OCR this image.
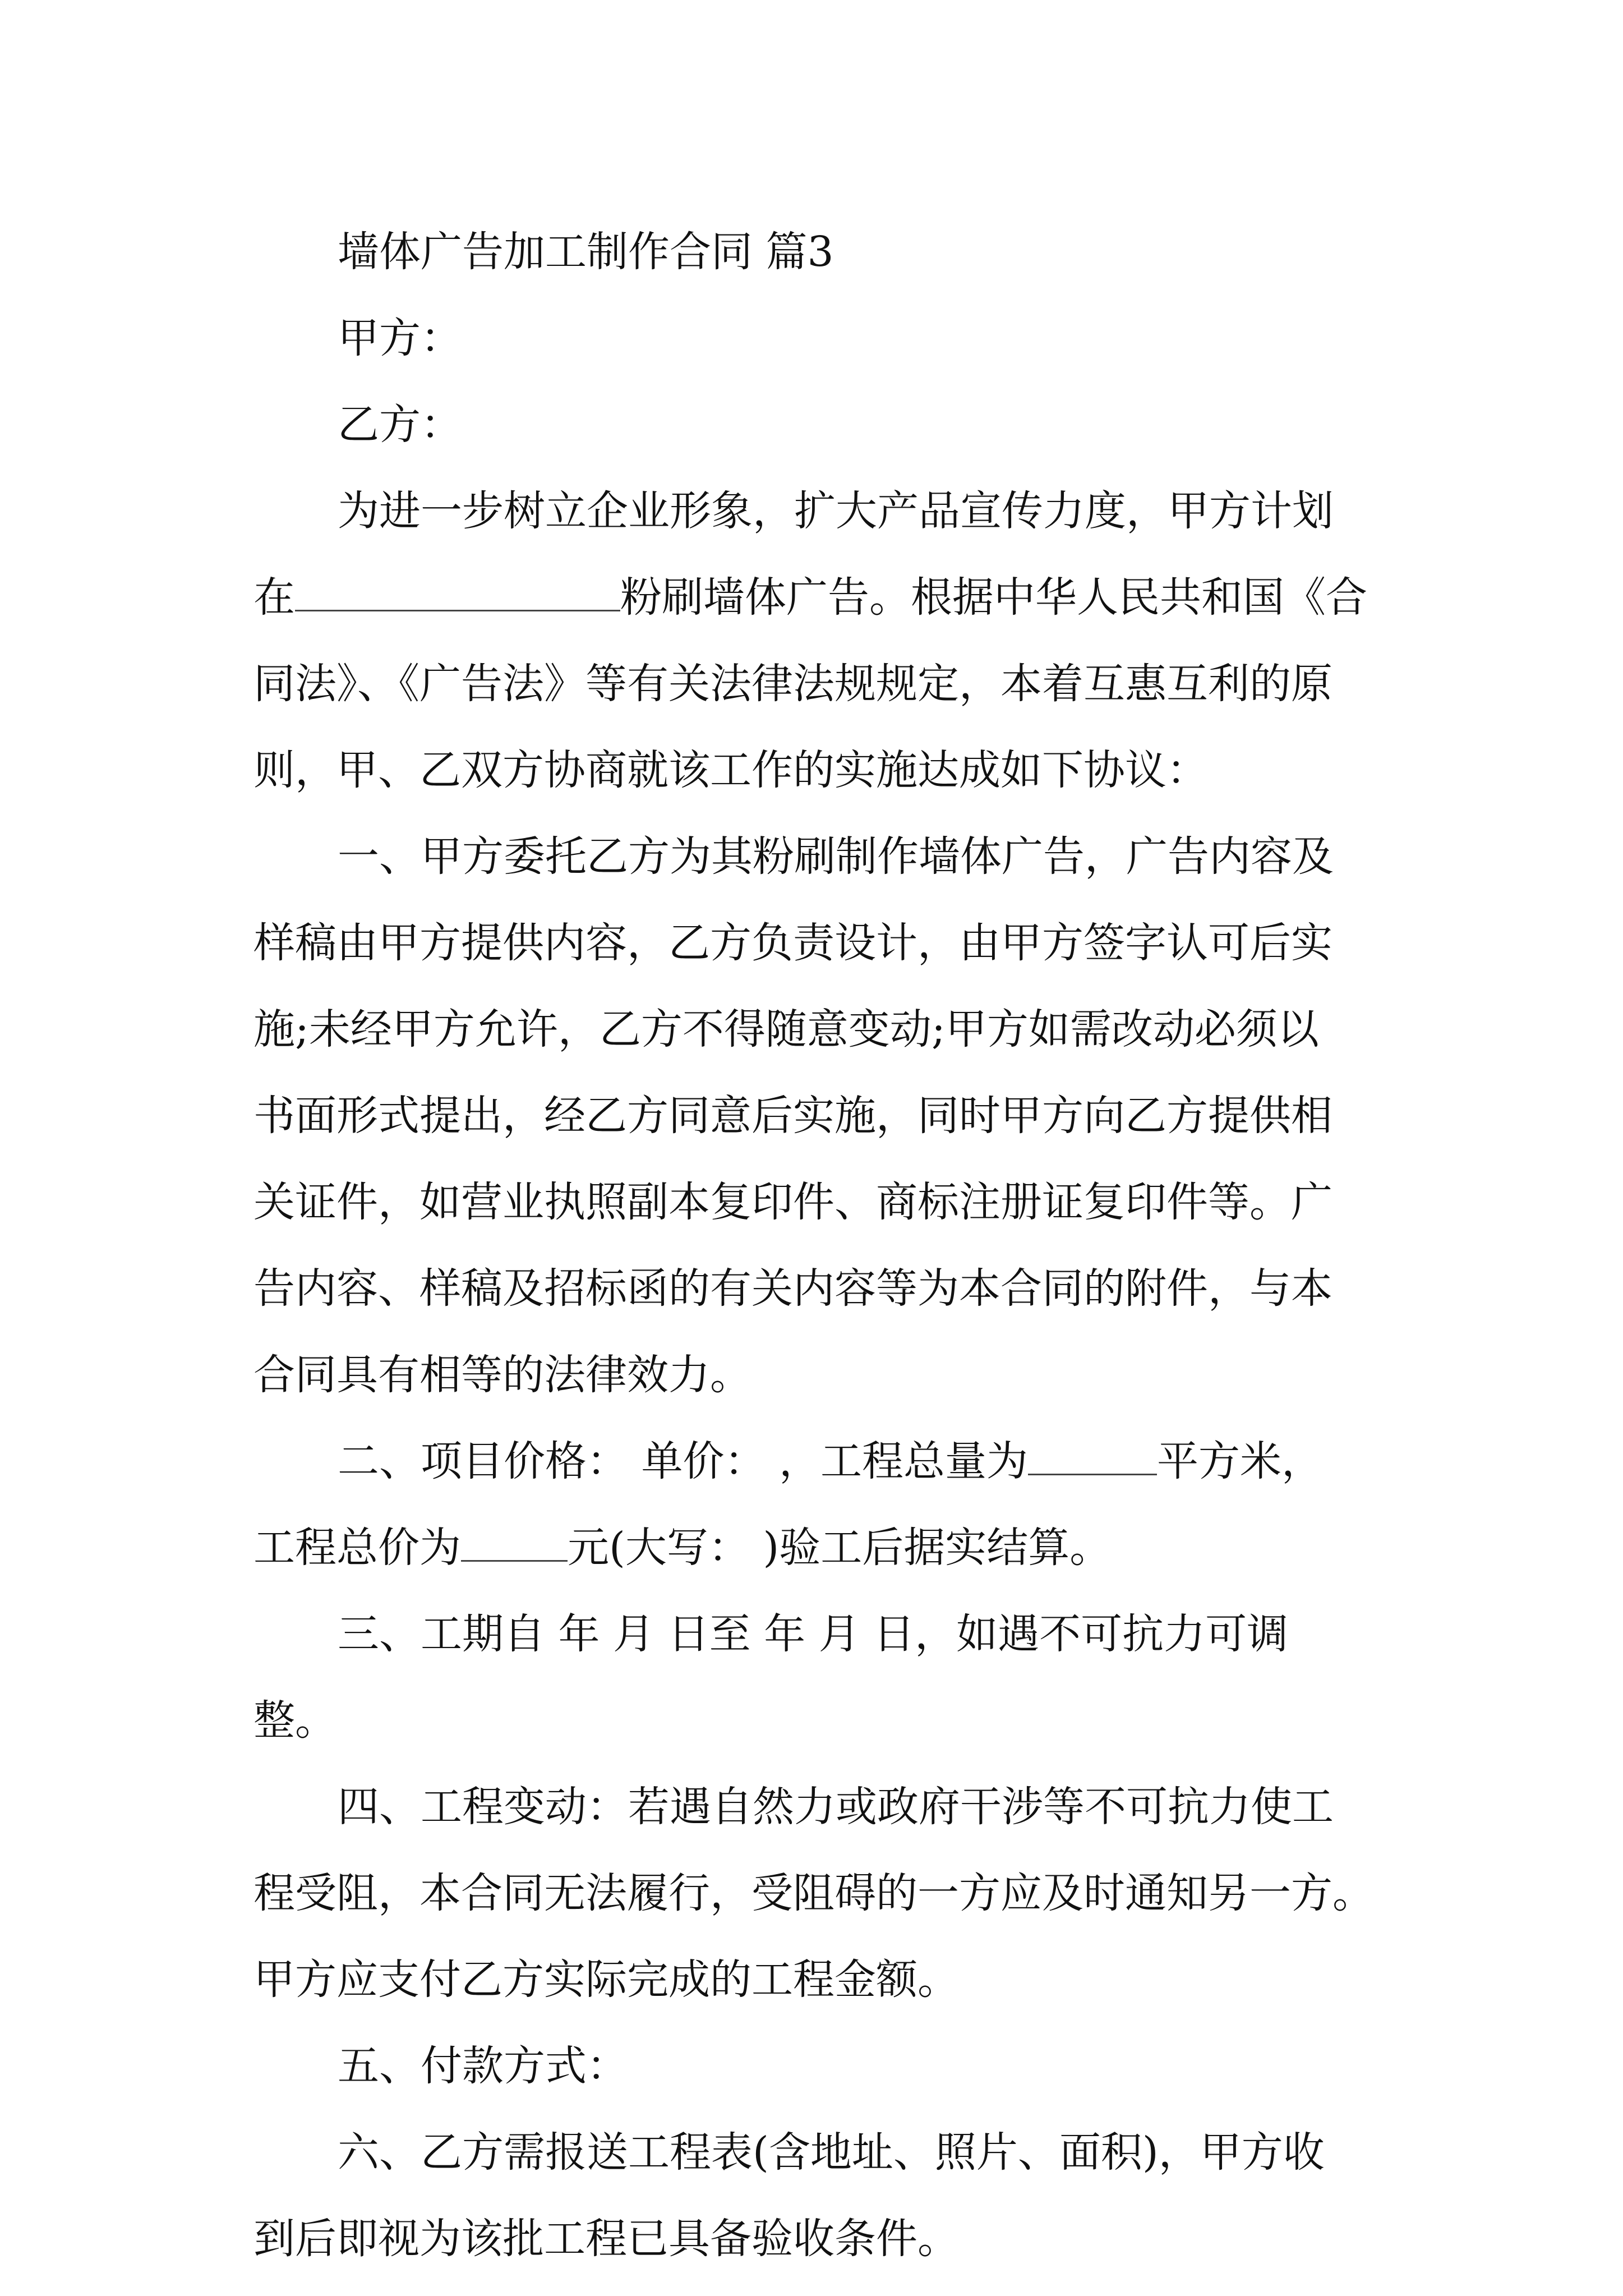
墙体广告加工制作合同 篇3

甲方：

乙方：

为进一步树立企业形象，扩大产品宣传力度，甲方计划
在	粉刷墙体广告。根据中华人民共和国《合
同法》、《广告法》等有关法律法规规定，本着互惠互利的原
则，甲、乙双方协商就该工作的实施达成如下协议：
一、甲方委托乙方为其粉刷制作墙体广告，广告内容及
样稿由甲方提供内容，乙方负责设计，由甲方签字认可后实
施;未经甲方允许，乙方不得随意变动;甲方如需改动必须以
书面形式提出，经乙方同意后实施，同时甲方向乙方提供相
关证件，如营业执照副本复印件、商标注册证复印件等。广
告内容、样稿及招标函的有关内容等为本合同的附件，与本
合同具有相等的法律效力。
二、项目价格： 单价： ，工程总量为	平方米，
工程总价为	元(大写： )验工后据实结算。
三、工期自 年 月 日至 年 月 日，如遇不可抗力可调
整。
四、工程变动：若遇自然力或政府干涉等不可抗力使工
程受阻，本合同无法履行，受阻碍的一方应及时通知另一方。
甲方应支付乙方实际完成的工程金额。

五、付款方式：

六、乙方需报送工程表(含地址、照片、面积)，甲方收
到后即视为该批工程已具备验收条件。
